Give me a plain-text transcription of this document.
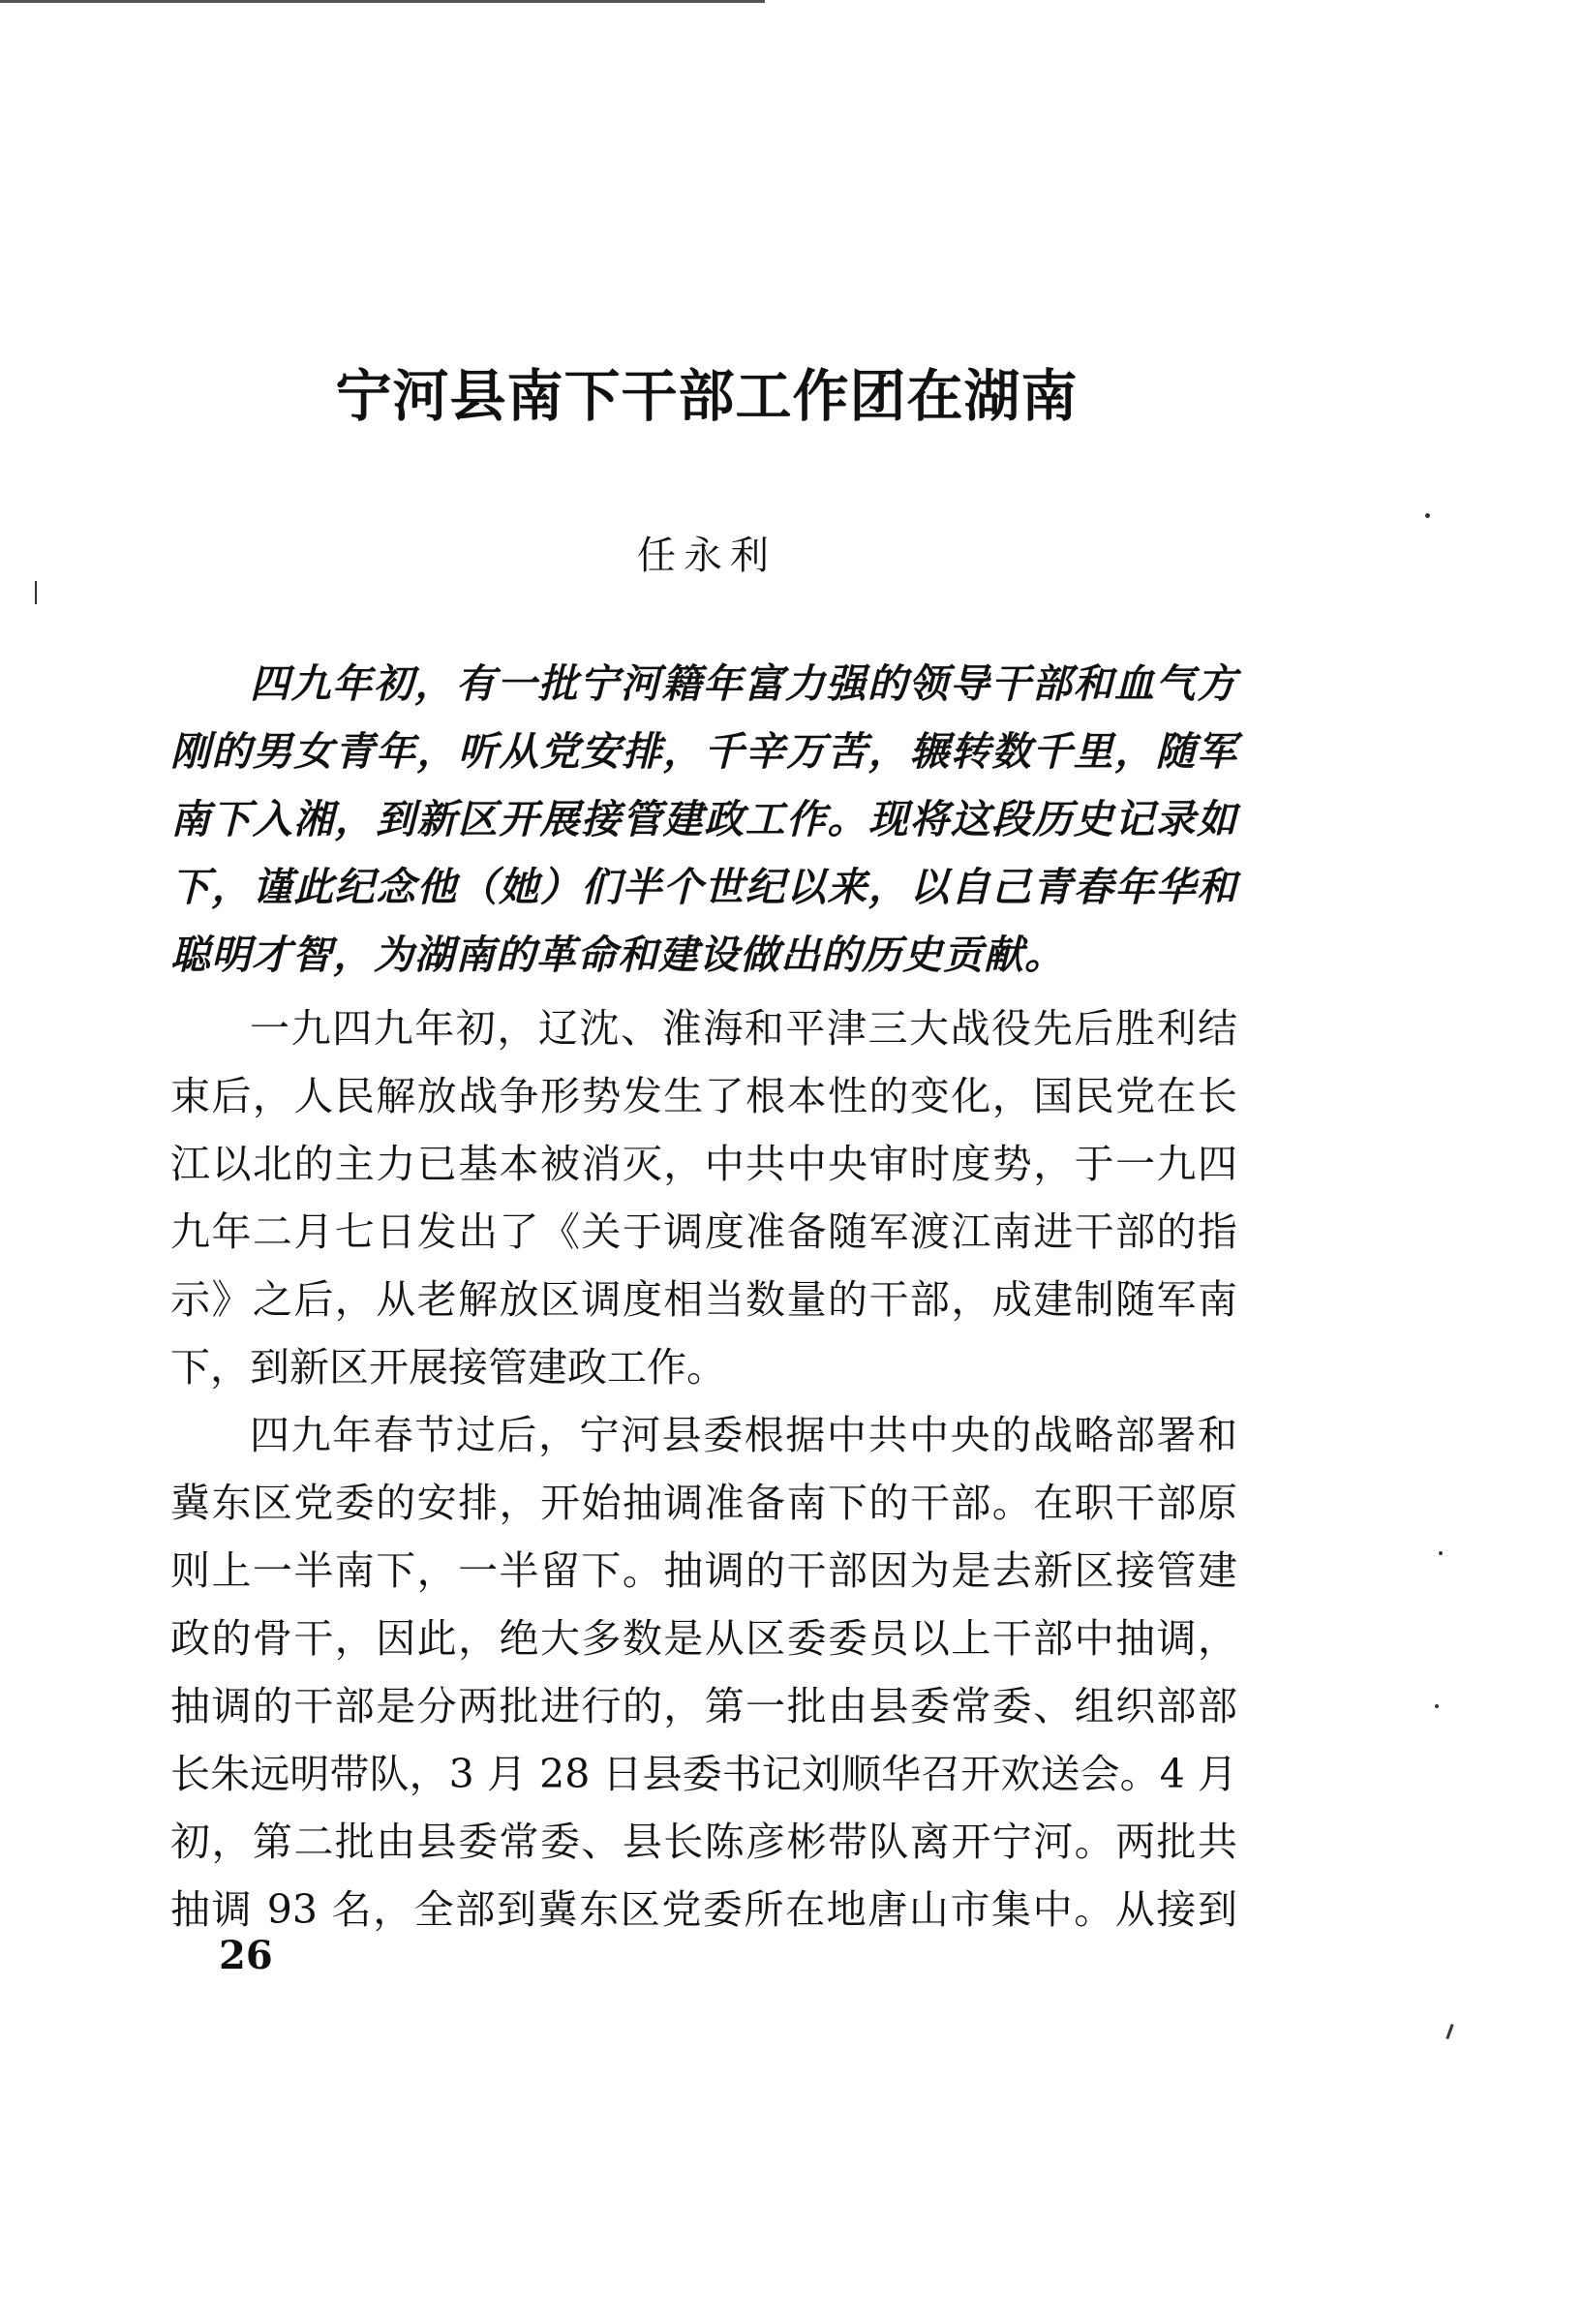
宁河县南下干部工作团在湖南

任永利

四九年初，有一批宁河籍年富力强的领导干部和血气方
刚的男女青年，听从党安排，千辛万苦，辗转数千里，随军
南下入湘，到新区开展接管建政工作。现将这段历史记录如
下，谨此纪念他（她）们半个世纪以来，以自己青春年华和
聪明才智，为湖南的革命和建设做出的历史贡献。
一九四九年初，辽沈、淮海和平津三大战役先后胜利结
束后，人民解放战争形势发生了根本性的变化，国民党在长
江以北的主力已基本被消灭，中共中央审时度势，于一九四
九年二月七日发出了《关于调度准备随军渡江南进干部的指
示》之后，从老解放区调度相当数量的干部，成建制随军南
下，到新区开展接管建政工作。
四九年春节过后，宁河县委根据中共中央的战略部署和
冀东区党委的安排，开始抽调准备南下的干部。在职干部原
则上一半南下，一半留下。抽调的干部因为是去新区接管建
政的骨干，因此，绝大多数是从区委委员以上干部中抽调，
抽调的干部是分两批进行的，第一批由县委常委、组织部部
长朱远明带队，3 月 28 日县委书记刘顺华召开欢送会。4 月
初，第二批由县委常委、县长陈彦彬带队离开宁河。两批共
抽调 93 名，全部到冀东区党委所在地唐山市集中。从接到

26
